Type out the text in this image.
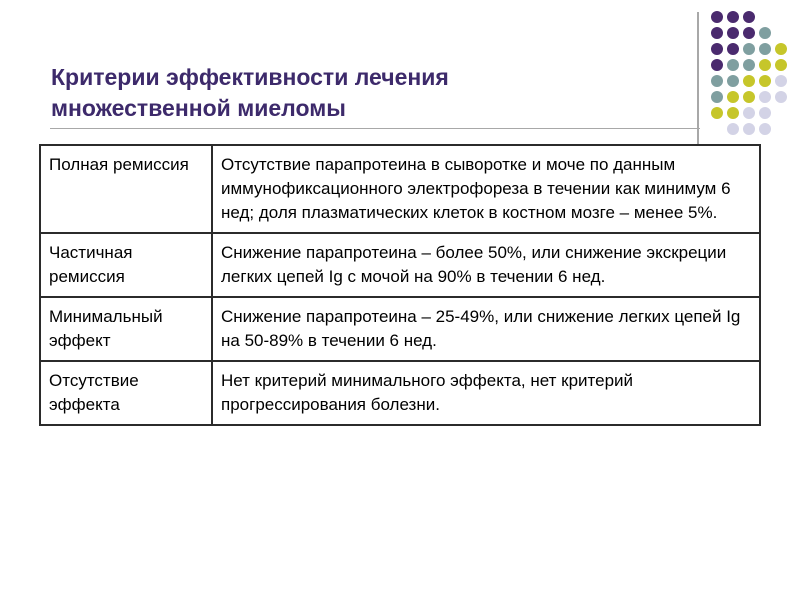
Критерии эффективности лечения
множественной миеломы
Полная ремиссия	Отсутствие парапротеина в сыворотке и моче по данным иммунофиксационного электрофореза в течении как минимум 6 нед; доля плазматических клеток в костном мозге – менее 5%.
Частичная ремиссия	Снижение парапротеина – более 50%, или снижение экскреции легких цепей Ig с мочой на 90% в течении 6 нед.
Минимальный эффект	Снижение парапротеина – 25-49%, или снижение легких цепей Ig на 50-89% в течении 6 нед.
Отсутствие эффекта	Нет критерий минимального эффекта, нет критерий прогрессирования болезни.
